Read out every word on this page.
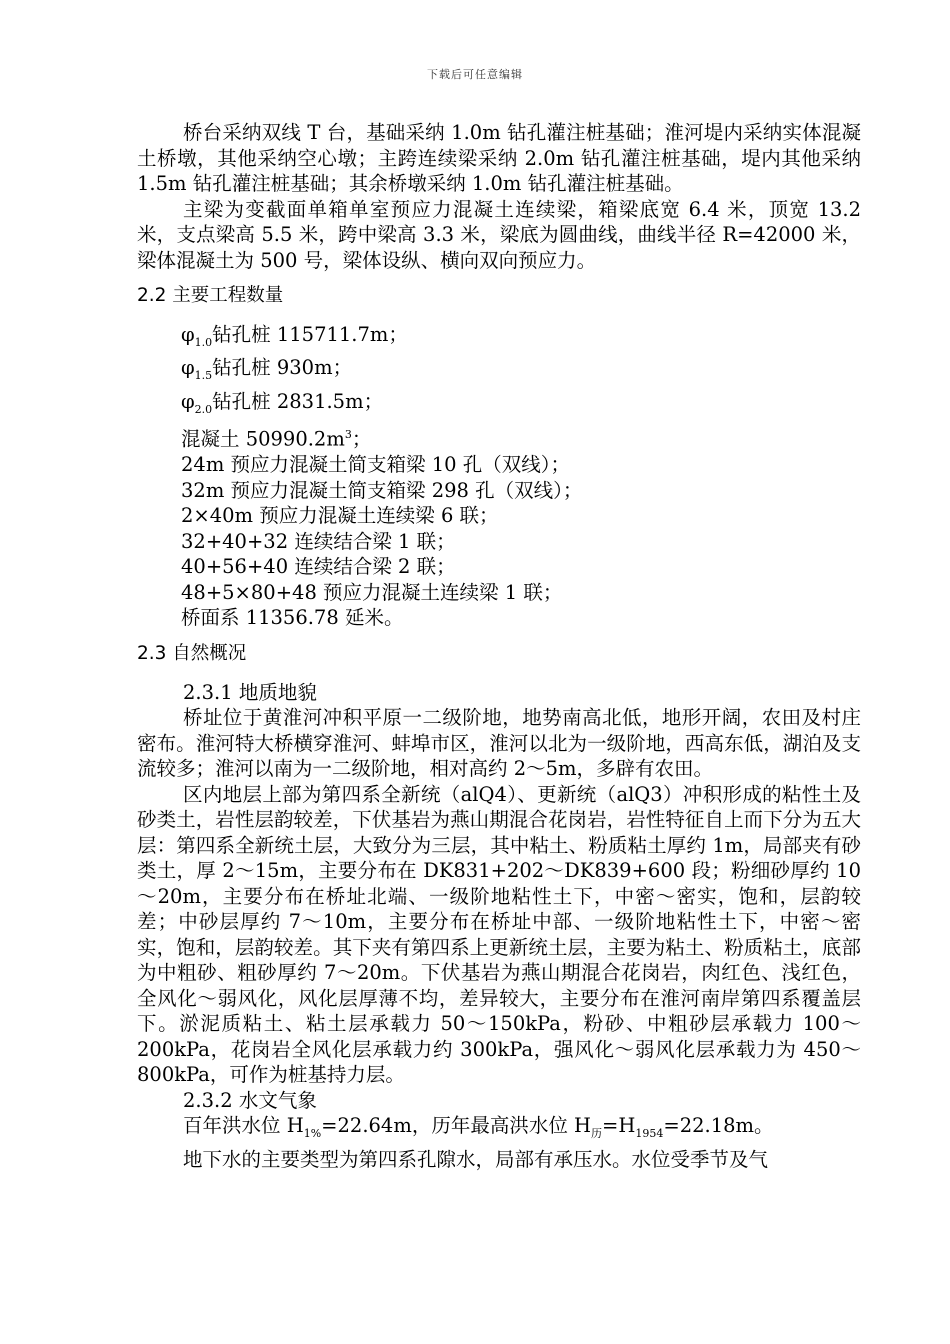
下载后可任意编辑

桥台采纳双线 T 台，基础采纳 1.0m 钻孔灌注桩基础；淮河堤内采纳实体混凝土桥墩，其他采纳空心墩；主跨连续梁采纳 2.0m 钻孔灌注桩基础，堤内其他采纳 1.5m 钻孔灌注桩基础；其余桥墩采纳 1.0m 钻孔灌注桩基础。

主梁为变截面单箱单室预应力混凝土连续梁，箱梁底宽 6.4 米，顶宽 13.2 米，支点梁高 5.5 米，跨中梁高 3.3 米，梁底为圆曲线，曲线半径 R=42000 米，梁体混凝土为 500 号，梁体设纵、横向双向预应力。

2.2 主要工程数量

$\varphi_{1.0}$钻孔桩 115711.7m；

$\varphi_{1.5}$钻孔桩 930m；

$\varphi_{2.0}$钻孔桩 2831.5m；

混凝土 $50990.2m^3$；

24m 预应力混凝土简支箱梁 10 孔（双线）；

32m 预应力混凝土简支箱梁 298 孔（双线）；

2×40m 预应力混凝土连续梁 6 联；

32+40+32 连续结合梁 1 联；

40+56+40 连续结合梁 2 联；

48+5×80+48 预应力混凝土连续梁 1 联；

桥面系 11356.78 延米。

2.3 自然概况

2.3.1 地质地貌

桥址位于黄淮河冲积平原一二级阶地，地势南高北低，地形开阔，农田及村庄密布。淮河特大桥横穿淮河、蚌埠市区，淮河以北为一级阶地，西高东低，湖泊及支流较多；淮河以南为一二级阶地，相对高约 2～5m，多辟有农田。

区内地层上部为第四系全新统（alQ4）、更新统（alQ3）冲积形成的粘性土及砂类土，岩性层韵较差，下伏基岩为燕山期混合花岗岩，岩性特征自上而下分为五大层：第四系全新统土层，大致分为三层，其中粘土、粉质粘土厚约 1m，局部夹有砂类土，厚 2～15m，主要分布在 DK831+202～DK839+600 段；粉细砂厚约 10～20m，主要分布在桥址北端、一级阶地粘性土下，中密～密实，饱和，层韵较差；中砂层厚约 7～10m，主要分布在桥址中部、一级阶地粘性土下，中密～密实，饱和，层韵较差。其下夹有第四系上更新统土层，主要为粘土、粉质粘土，底部为中粗砂、粗砂厚约 7～20m。下伏基岩为燕山期混合花岗岩，肉红色、浅红色，全风化～弱风化，风化层厚薄不均，差异较大，主要分布在淮河南岸第四系覆盖层下。淤泥质粘土、粘土层承载力 50～150kPa，粉砂、中粗砂层承载力 100～200kPa，花岗岩全风化层承载力约 300kPa，强风化～弱风化层承载力为 450～800kPa，可作为桩基持力层。

2.3.2 水文气象

百年洪水位 $H_{1\%}=22.64m$，历年最高洪水位 $H_历=H_{1954}=22.18m$。

地下水的主要类型为第四系孔隙水，局部有承压水。水位受季节及气
